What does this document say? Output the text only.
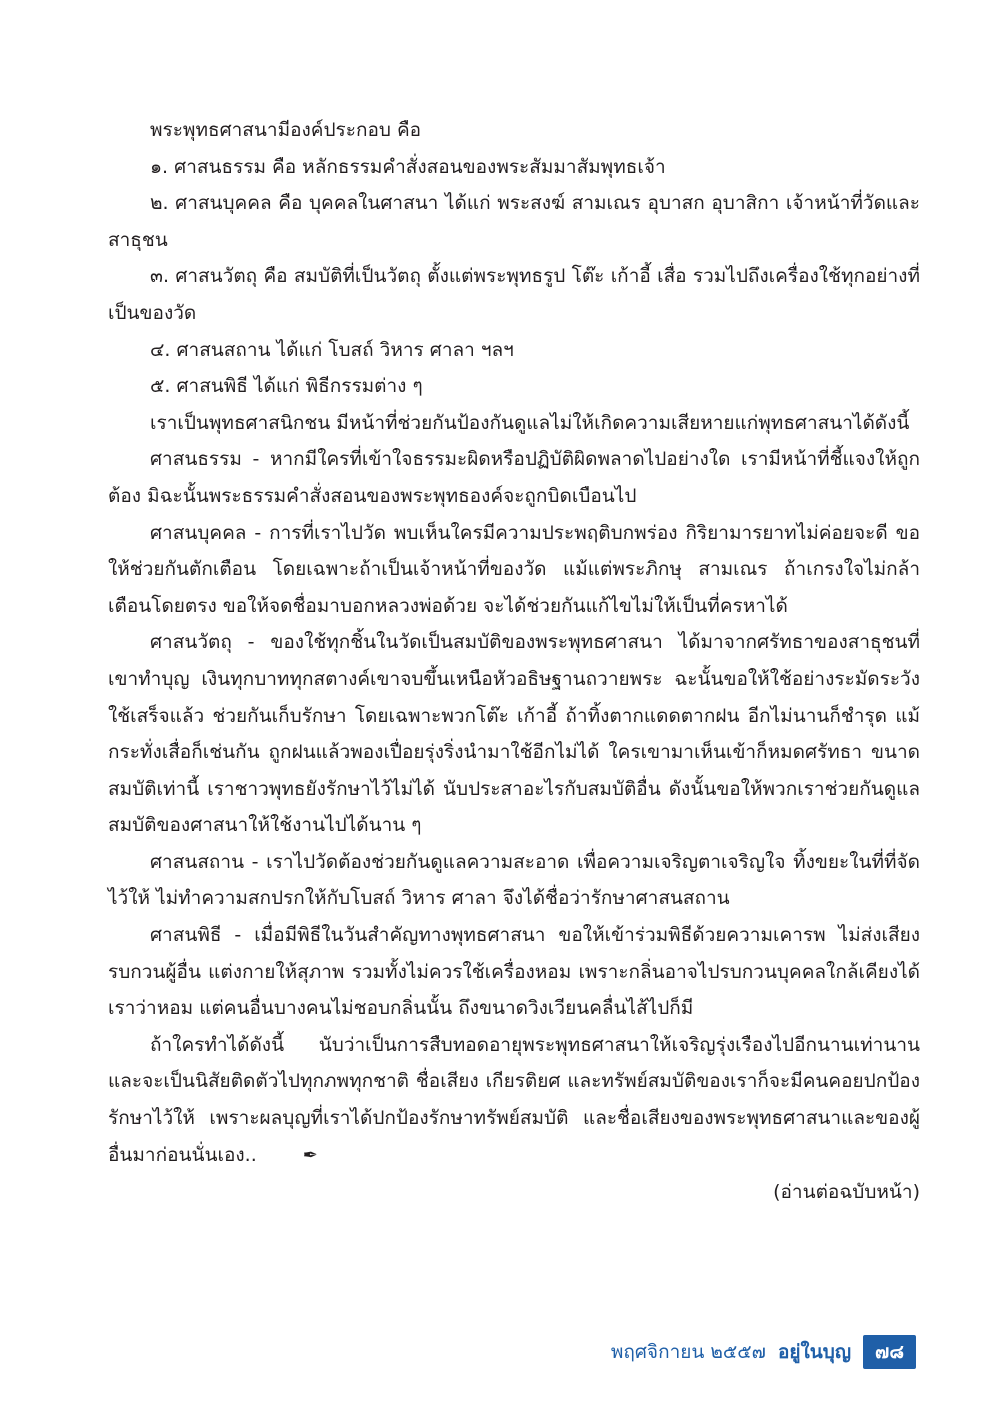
พระพุทธศาสนามีองค์ประกอบ คือ

๑. ศาสนธรรม คือ หลักธรรมคำสั่งสอนของพระสัมมาสัมพุทธเจ้า

๒. ศาสนบุคคล คือ บุคคลในศาสนา ได้แก่ พระสงฆ์ สามเณร อุบาสก อุบาสิกา เจ้าหน้าที่วัดและสาธุชน

๓. ศาสนวัตถุ คือ สมบัติที่เป็นวัตถุ ตั้งแต่พระพุทธรูป โต๊ะ เก้าอี้ เสื่อ รวมไปถึงเครื่องใช้ทุกอย่างที่เป็นของวัด

๔. ศาสนสถาน ได้แก่ โบสถ์ วิหาร ศาลา ฯลฯ

๕. ศาสนพิธี ได้แก่ พิธีกรรมต่าง ๆ

เราเป็นพุทธศาสนิกชน มีหน้าที่ช่วยกันป้องกันดูแลไม่ให้เกิดความเสียหายแก่พุทธศาสนาได้ดังนี้

ศาสนธรรม - หากมีใครที่เข้าใจธรรมะผิดหรือปฏิบัติผิดพลาดไปอย่างใด เรามีหน้าที่ชี้แจงให้ถูกต้อง มิฉะนั้นพระธรรมคำสั่งสอนของพระพุทธองค์จะถูกบิดเบือนไป

ศาสนบุคคล - การที่เราไปวัด พบเห็นใครมีความประพฤติบกพร่อง กิริยามารยาทไม่ค่อยจะดี ขอให้ช่วยกันตักเตือน โดยเฉพาะถ้าเป็นเจ้าหน้าที่ของวัด แม้แต่พระภิกษุ สามเณร ถ้าเกรงใจไม่กล้าเตือนโดยตรง ขอให้จดชื่อมาบอกหลวงพ่อด้วย จะได้ช่วยกันแก้ไขไม่ให้เป็นที่ครหาได้

ศาสนวัตถุ - ของใช้ทุกชิ้นในวัดเป็นสมบัติของพระพุทธศาสนา ได้มาจากศรัทธาของสาธุชนที่เขาทำบุญ เงินทุกบาททุกสตางค์เขาจบขึ้นเหนือหัวอธิษฐานถวายพระ ฉะนั้นขอให้ใช้อย่างระมัดระวัง ใช้เสร็จแล้ว ช่วยกันเก็บรักษา โดยเฉพาะพวกโต๊ะ เก้าอี้ ถ้าทิ้งตากแดดตากฝน อีกไม่นานก็ชำรุด แม้กระทั่งเสื่อก็เช่นกัน ถูกฝนแล้วพองเปื่อยรุ่งริ่งนำมาใช้อีกไม่ได้ ใครเขามาเห็นเข้าก็หมดศรัทธา ขนาดสมบัติเท่านี้ เราชาวพุทธยังรักษาไว้ไม่ได้ นับประสาอะไรกับสมบัติอื่น ดังนั้นขอให้พวกเราช่วยกันดูแลสมบัติของศาสนาให้ใช้งานไปได้นาน ๆ

ศาสนสถาน - เราไปวัดต้องช่วยกันดูแลความสะอาด เพื่อความเจริญตาเจริญใจ ทิ้งขยะในที่ที่จัดไว้ให้ ไม่ทำความสกปรกให้กับโบสถ์ วิหาร ศาลา จึงได้ชื่อว่ารักษาศาสนสถาน

ศาสนพิธี - เมื่อมีพิธีในวันสำคัญทางพุทธศาสนา ขอให้เข้าร่วมพิธีด้วยความเคารพ ไม่ส่งเสียงรบกวนผู้อื่น แต่งกายให้สุภาพ รวมทั้งไม่ควรใช้เครื่องหอม เพราะกลิ่นอาจไปรบกวนบุคคลใกล้เคียงได้ เราว่าหอม แต่คนอื่นบางคนไม่ชอบกลิ่นนั้น ถึงขนาดวิงเวียนคลื่นไส้ไปก็มี

ถ้าใครทำได้ดังนี้ นับว่าเป็นการสืบทอดอายุพระพุทธศาสนาให้เจริญรุ่งเรืองไปอีกนานเท่านานและจะเป็นนิสัยติดตัวไปทุกภพทุกชาติ ชื่อเสียง เกียรติยศ และทรัพย์สมบัติของเราก็จะมีคนคอยปกป้องรักษาไว้ให้ เพราะผลบุญที่เราได้ปกป้องรักษาทรัพย์สมบัติ และชื่อเสียงของพระพุทธศาสนาและของผู้อื่นมาก่อนนั่นเอง..	✒

(อ่านต่อฉบับหน้า)

พฤศจิกายน ๒๕๕๗ อยู่ในบุญ	๗๘
